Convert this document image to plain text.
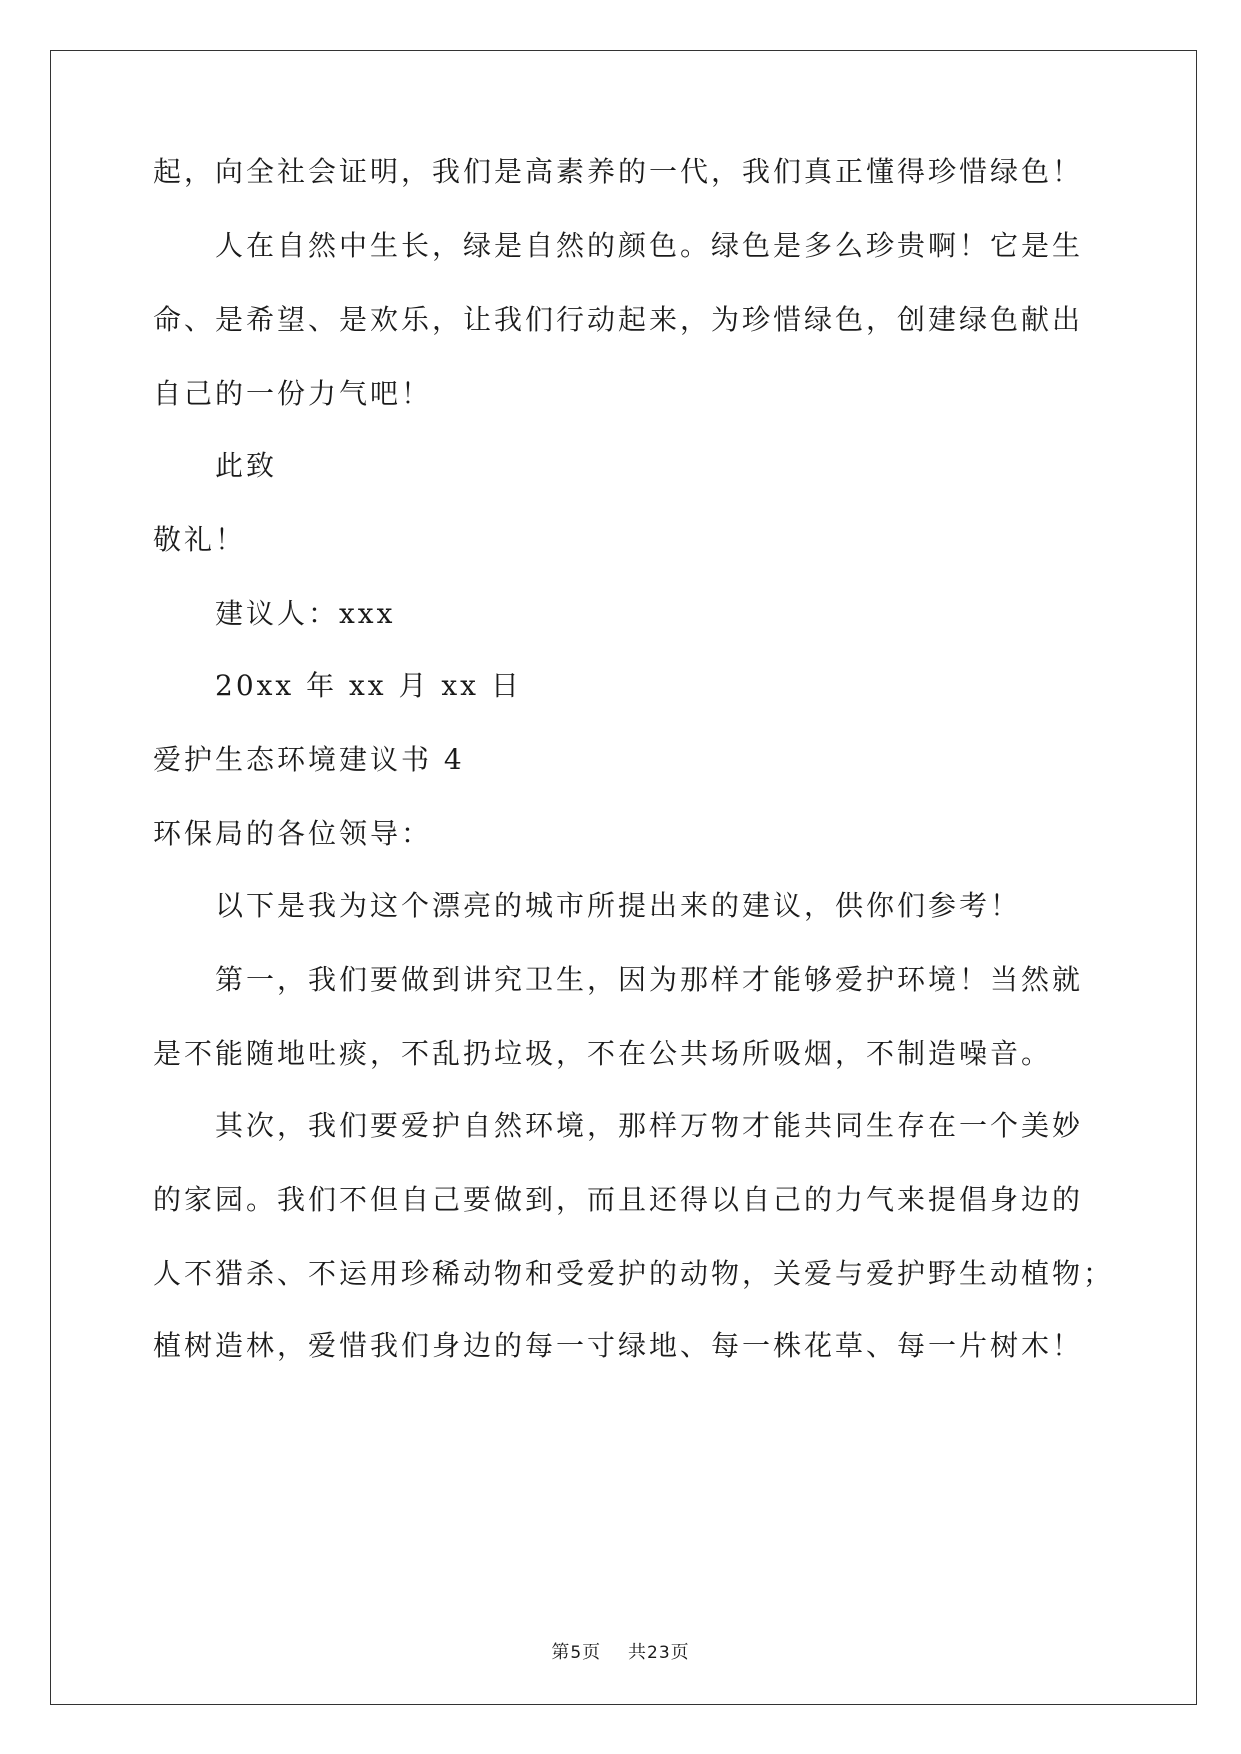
起，向全社会证明，我们是高素养的一代，我们真正懂得珍惜绿色！
人在自然中生长，绿是自然的颜色。绿色是多么珍贵啊！它是生
命、是希望、是欢乐，让我们行动起来，为珍惜绿色，创建绿色献出
自己的一份力气吧！
此致
敬礼！
建议人：xxx
20xx 年 xx 月 xx 日
爱护生态环境建议书 4
环保局的各位领导：
以下是我为这个漂亮的城市所提出来的建议，供你们参考！
第一，我们要做到讲究卫生，因为那样才能够爱护环境！当然就
是不能随地吐痰，不乱扔垃圾，不在公共场所吸烟，不制造噪音。
其次，我们要爱护自然环境，那样万物才能共同生存在一个美妙
的家园。我们不但自己要做到，而且还得以自己的力气来提倡身边的
人不猎杀、不运用珍稀动物和受爱护的动物，关爱与爱护野生动植物；
植树造林，爱惜我们身边的每一寸绿地、每一株花草、每一片树木！
第5页 共23页
